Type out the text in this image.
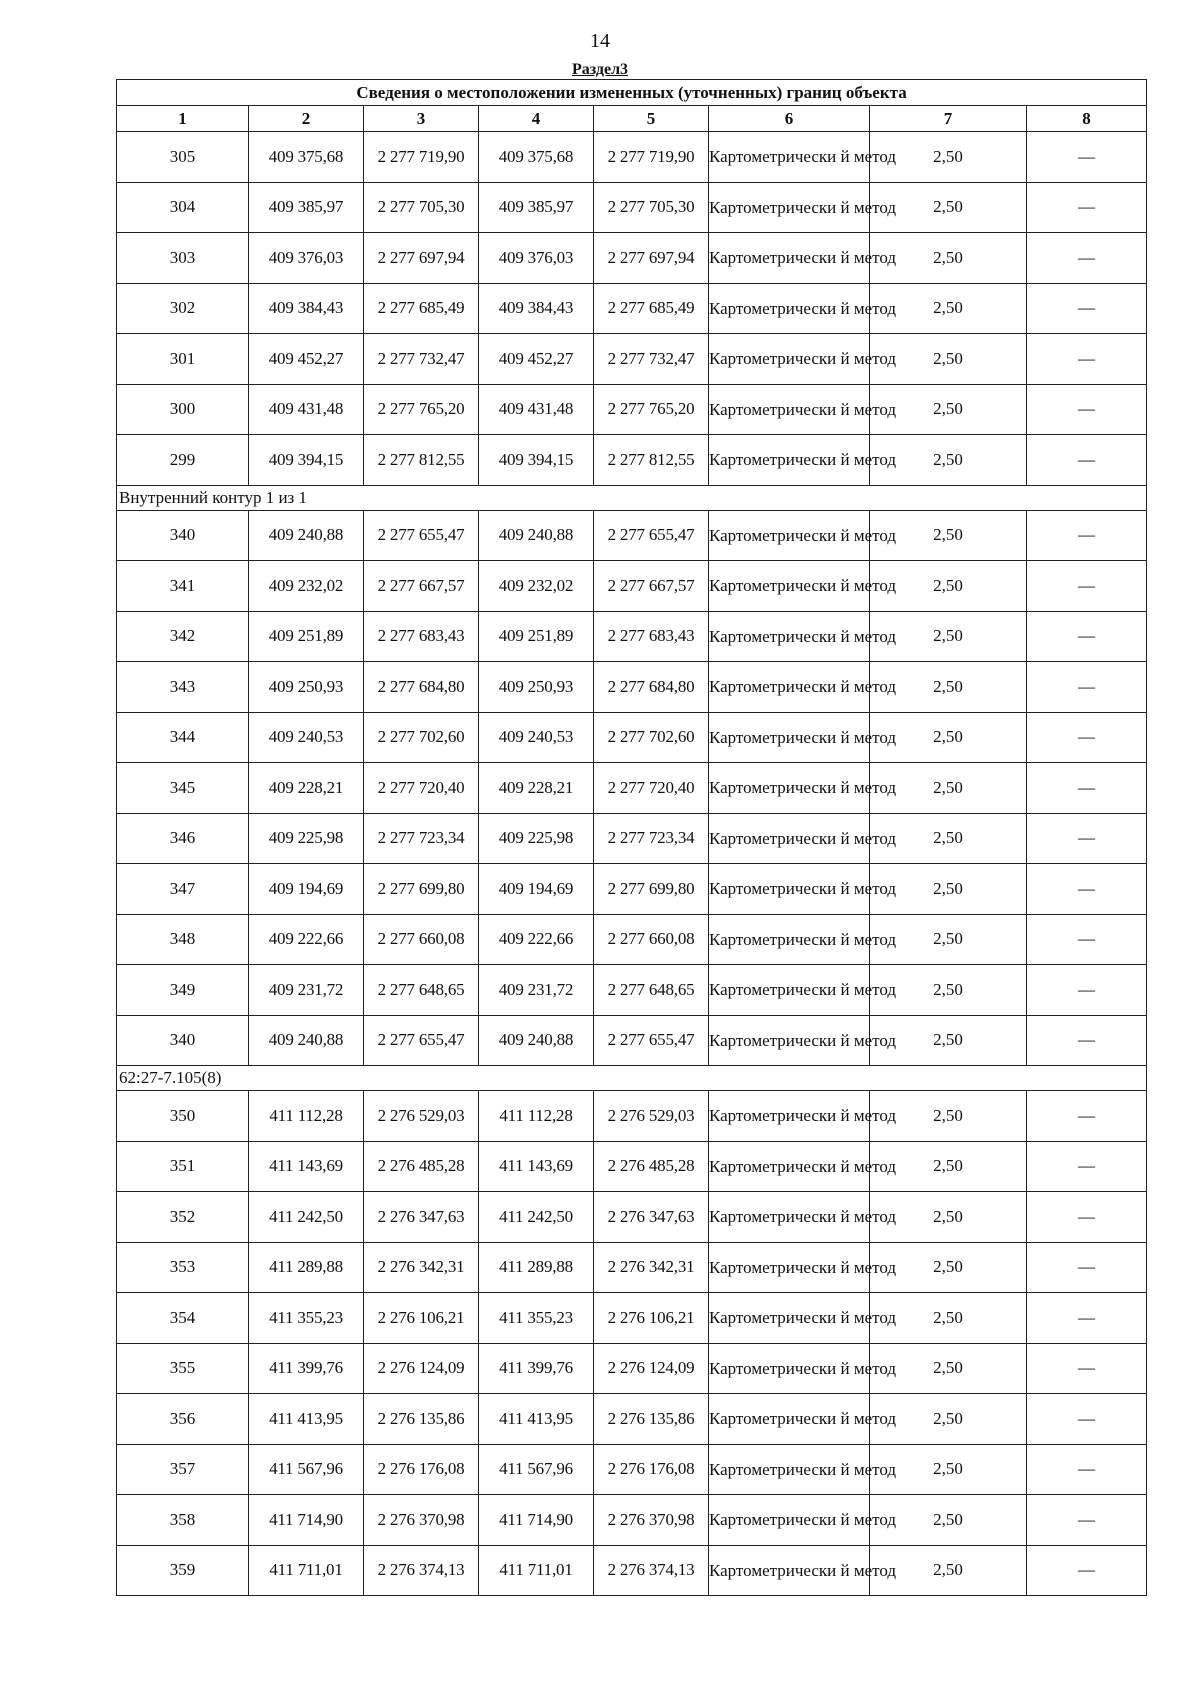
14
Раздел3
Сведения о местоположении измененных (уточненных) границ объекта							
1	2	3	4	5	6	7	8
305	409 375,68	2 277 719,90	409 375,68	2 277 719,90	Картометрически й метод	2,50	—
304	409 385,97	2 277 705,30	409 385,97	2 277 705,30	Картометрически й метод	2,50	—
303	409 376,03	2 277 697,94	409 376,03	2 277 697,94	Картометрически й метод	2,50	—
302	409 384,43	2 277 685,49	409 384,43	2 277 685,49	Картометрически й метод	2,50	—
301	409 452,27	2 277 732,47	409 452,27	2 277 732,47	Картометрически й метод	2,50	—
300	409 431,48	2 277 765,20	409 431,48	2 277 765,20	Картометрически й метод	2,50	—
299	409 394,15	2 277 812,55	409 394,15	2 277 812,55	Картометрически й метод	2,50	—
Внутренний контур 1 из 1							
340	409 240,88	2 277 655,47	409 240,88	2 277 655,47	Картометрически й метод	2,50	—
341	409 232,02	2 277 667,57	409 232,02	2 277 667,57	Картометрически й метод	2,50	—
342	409 251,89	2 277 683,43	409 251,89	2 277 683,43	Картометрически й метод	2,50	—
343	409 250,93	2 277 684,80	409 250,93	2 277 684,80	Картометрически й метод	2,50	—
344	409 240,53	2 277 702,60	409 240,53	2 277 702,60	Картометрически й метод	2,50	—
345	409 228,21	2 277 720,40	409 228,21	2 277 720,40	Картометрически й метод	2,50	—
346	409 225,98	2 277 723,34	409 225,98	2 277 723,34	Картометрически й метод	2,50	—
347	409 194,69	2 277 699,80	409 194,69	2 277 699,80	Картометрически й метод	2,50	—
348	409 222,66	2 277 660,08	409 222,66	2 277 660,08	Картометрически й метод	2,50	—
349	409 231,72	2 277 648,65	409 231,72	2 277 648,65	Картометрически й метод	2,50	—
340	409 240,88	2 277 655,47	409 240,88	2 277 655,47	Картометрически й метод	2,50	—
62:27-7.105(8)							
350	411 112,28	2 276 529,03	411 112,28	2 276 529,03	Картометрически й метод	2,50	—
351	411 143,69	2 276 485,28	411 143,69	2 276 485,28	Картометрически й метод	2,50	—
352	411 242,50	2 276 347,63	411 242,50	2 276 347,63	Картометрически й метод	2,50	—
353	411 289,88	2 276 342,31	411 289,88	2 276 342,31	Картометрически й метод	2,50	—
354	411 355,23	2 276 106,21	411 355,23	2 276 106,21	Картометрически й метод	2,50	—
355	411 399,76	2 276 124,09	411 399,76	2 276 124,09	Картометрически й метод	2,50	—
356	411 413,95	2 276 135,86	411 413,95	2 276 135,86	Картометрически й метод	2,50	—
357	411 567,96	2 276 176,08	411 567,96	2 276 176,08	Картометрически й метод	2,50	—
358	411 714,90	2 276 370,98	411 714,90	2 276 370,98	Картометрически й метод	2,50	—
359	411 711,01	2 276 374,13	411 711,01	2 276 374,13	Картометрически й метод	2,50	—
